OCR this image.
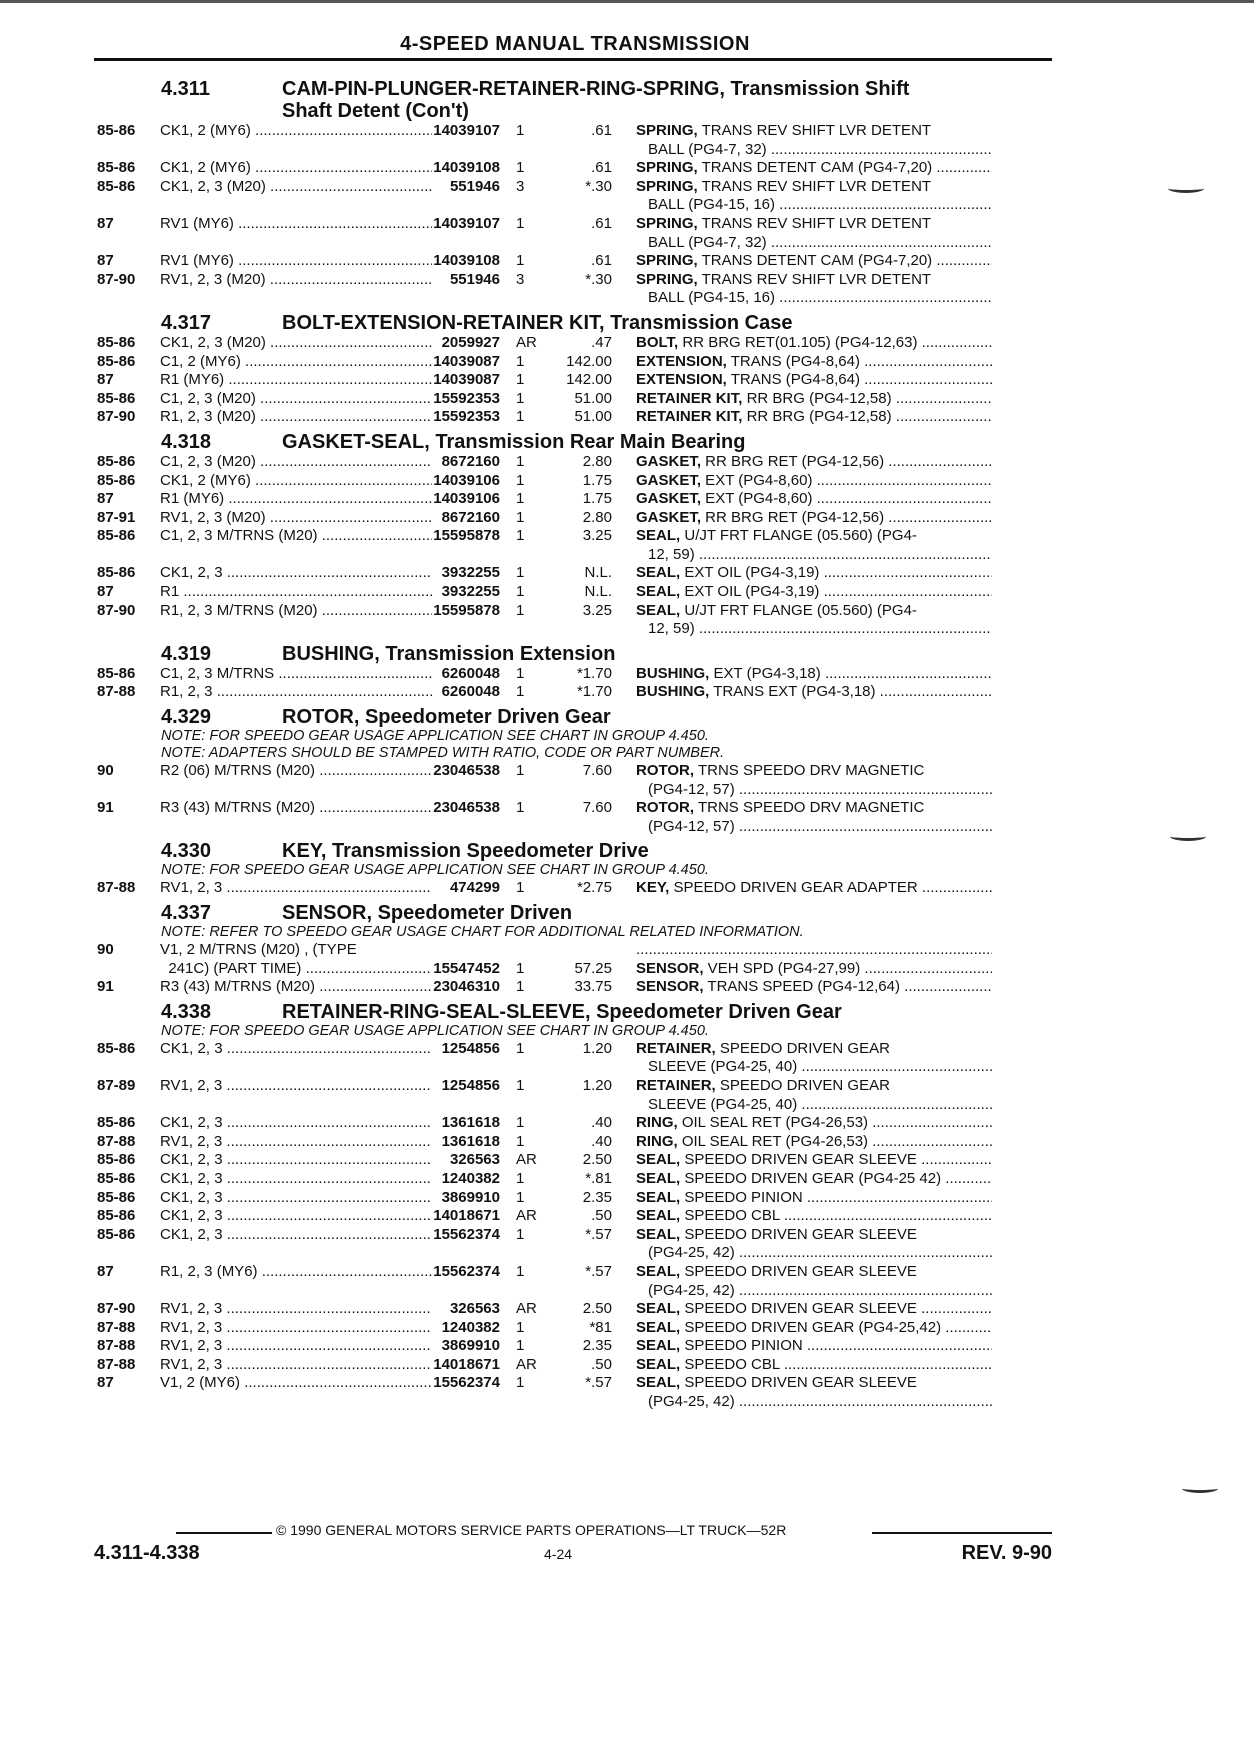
4-SPEED MANUAL TRANSMISSION
4.311	CAM-PIN-PLUNGER-RETAINER-RING-SPRING, Transmission Shift
Shaft Detent (Con't)
85-86	CK1, 2 (MY6) .....	14039107	1	.61 SPRING, TRANS REV SHIFT LVR DETENT
BALL (PG4-7, 32) .....
85-86	CK1, 2 (MY6) .....	14039108	1	.61 SPRING, TRANS DETENT CAM (PG4-7,20) .....
85-86	CK1, 2, 3 (M20) .....	551946	3	*.30 SPRING, TRANS REV SHIFT LVR DETENT
BALL (PG4-15, 16) .....
87	RV1 (MY6) .....	14039107	1	.61 SPRING, TRANS REV SHIFT LVR DETENT
BALL (PG4-7, 32) .....
87	RV1 (MY6) .....	14039108	1	.61 SPRING, TRANS DETENT CAM (PG4-7,20) .....
87-90	RV1, 2, 3 (M20) .....	551946	3	*.30 SPRING, TRANS REV SHIFT LVR DETENT
BALL (PG4-15, 16) .....
4.317	BOLT-EXTENSION-RETAINER KIT, Transmission Case
85-86	CK1, 2, 3 (M20) .....	2059927	AR	.47 BOLT, RR BRG RET(01.105) (PG4-12,63) .....
85-86	C1, 2 (MY6) .....	14039087	1	142.00 EXTENSION, TRANS (PG4-8,64) .....
87	R1 (MY6) .....	14039087	1	142.00 EXTENSION, TRANS (PG4-8,64) .....
85-86	C1, 2, 3 (M20) .....	15592353	1	51.00 RETAINER KIT, RR BRG (PG4-12,58) .....
87-90	R1, 2, 3 (M20) .....	15592353	1	51.00 RETAINER KIT, RR BRG (PG4-12,58) .....
4.318	GASKET-SEAL, Transmission Rear Main Bearing
85-86	C1, 2, 3 (M20) .....	8672160	1	2.80 GASKET, RR BRG RET (PG4-12,56) .....
85-86	CK1, 2 (MY6) .....	14039106	1	1.75 GASKET, EXT (PG4-8,60) .....
87	R1 (MY6) .....	14039106	1	1.75 GASKET, EXT (PG4-8,60) .....
87-91	RV1, 2, 3 (M20) .....	8672160	1	2.80 GASKET, RR BRG RET (PG4-12,56) .....
85-86	C1, 2, 3 M/TRNS (M20) .....	15595878	1	3.25 SEAL, U/JT FRT FLANGE (05.560) (PG4-
12, 59) .....
85-86	CK1, 2, 3 .....	3932255	1	N.L. SEAL, EXT OIL (PG4-3,19) .....
87	R1 .....	3932255	1	N.L. SEAL, EXT OIL (PG4-3,19) .....
87-90	R1, 2, 3 M/TRNS (M20) .....	15595878	1	3.25 SEAL, U/JT FRT FLANGE (05.560) (PG4-
12, 59) .....
4.319	BUSHING, Transmission Extension
85-86	C1, 2, 3 M/TRNS .....	6260048	1	*1.70 BUSHING, EXT (PG4-3,18) .....
87-88	R1, 2, 3 .....	6260048	1	*1.70 BUSHING, TRANS EXT (PG4-3,18) .....
4.329	ROTOR, Speedometer Driven Gear
NOTE: FOR SPEEDO GEAR USAGE APPLICATION SEE CHART IN GROUP 4.450.
NOTE: ADAPTERS SHOULD BE STAMPED WITH RATIO, CODE OR PART NUMBER.
90	R2 (06) M/TRNS (M20) .....	23046538	1	7.60 ROTOR, TRNS SPEEDO DRV MAGNETIC
(PG4-12, 57) .....
91	R3 (43) M/TRNS (M20) .....	23046538	1	7.60 ROTOR, TRNS SPEEDO DRV MAGNETIC
(PG4-12, 57) .....
4.330	KEY, Transmission Speedometer Drive
NOTE: FOR SPEEDO GEAR USAGE APPLICATION SEE CHART IN GROUP 4.450.
87-88	RV1, 2, 3 .....	474299	1	*2.75 KEY, SPEEDO DRIVEN GEAR ADAPTER .....
4.337	SENSOR, Speedometer Driven
NOTE: REFER TO SPEEDO GEAR USAGE CHART FOR ADDITIONAL RELATED INFORMATION.
90	V1, 2 M/TRNS (M20) , (TYPE
.....
241C) (PART TIME) .....	15547452	1	57.25 SENSOR, VEH SPD (PG4-27,99) .....
91	R3 (43) M/TRNS (M20) .....	23046310	1	33.75 SENSOR, TRANS SPEED (PG4-12,64) .....
4.338	RETAINER-RING-SEAL-SLEEVE, Speedometer Driven Gear
NOTE: FOR SPEEDO GEAR USAGE APPLICATION SEE CHART IN GROUP 4.450.
85-86	CK1, 2, 3 .....	1254856	1	1.20 RETAINER, SPEEDO DRIVEN GEAR
SLEEVE (PG4-25, 40) .....
87-89	RV1, 2, 3 .....	1254856	1	1.20 RETAINER, SPEEDO DRIVEN GEAR
SLEEVE (PG4-25, 40) .....
85-86	CK1, 2, 3 .....	1361618	1	.40 RING, OIL SEAL RET (PG4-26,53) .....
87-88	RV1, 2, 3 .....	1361618	1	.40 RING, OIL SEAL RET (PG4-26,53) .....
85-86	CK1, 2, 3 .....	326563	AR	2.50 SEAL, SPEEDO DRIVEN GEAR SLEEVE .....
85-86	CK1, 2, 3 .....	1240382	1	*.81 SEAL, SPEEDO DRIVEN GEAR (PG4-25 42) .....
85-86	CK1, 2, 3 .....	3869910	1	2.35 SEAL, SPEEDO PINION .....
85-86	CK1, 2, 3 .....	14018671	AR	.50 SEAL, SPEEDO CBL .....
85-86	CK1, 2, 3 .....	15562374	1	*.57 SEAL, SPEEDO DRIVEN GEAR SLEEVE
(PG4-25, 42) .....
87	R1, 2, 3 (MY6) .....	15562374	1	*.57 SEAL, SPEEDO DRIVEN GEAR SLEEVE
(PG4-25, 42) .....
87-90	RV1, 2, 3 .....	326563	AR	2.50 SEAL, SPEEDO DRIVEN GEAR SLEEVE .....
87-88	RV1, 2, 3 .....	1240382	1	*81 SEAL, SPEEDO DRIVEN GEAR (PG4-25,42) .....
87-88	RV1, 2, 3 .....	3869910	1	2.35 SEAL, SPEEDO PINION .....
87-88	RV1, 2, 3 .....	14018671	AR	.50 SEAL, SPEEDO CBL .....
87	V1, 2 (MY6) .....	15562374	1	*.57 SEAL, SPEEDO DRIVEN GEAR SLEEVE
(PG4-25, 42) .....
© 1990 GENERAL MOTORS SERVICE PARTS OPERATIONS—LT TRUCK—52R
4.311-4.338	4-24	REV. 9-90
